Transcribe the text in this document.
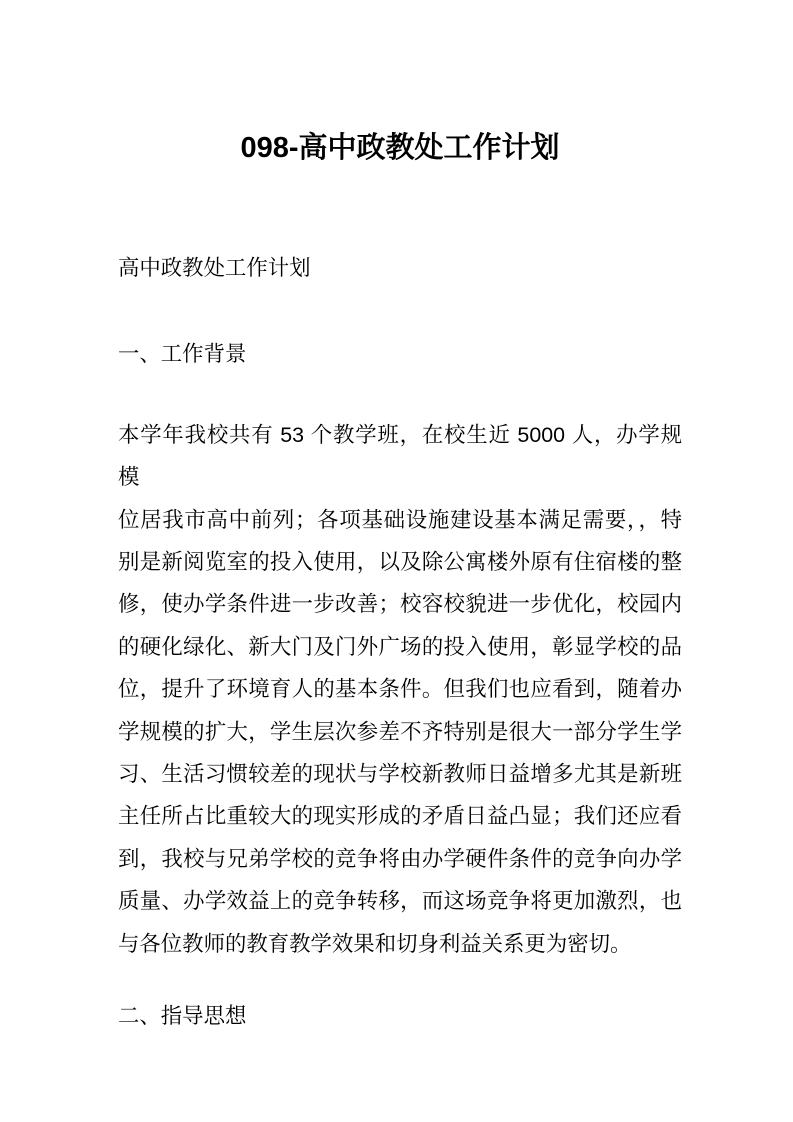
098-高中政教处工作计划

高中政教处工作计划

一、工作背景

本学年我校共有 53 个教学班，在校生近 5000 人，办学规模
位居我市高中前列；各项基础设施建设基本满足需要，，特
别是新阅览室的投入使用，以及除公寓楼外原有住宿楼的整
修，使办学条件进一步改善；校容校貌进一步优化，校园内
的硬化绿化、新大门及门外广场的投入使用，彰显学校的品
位，提升了环境育人的基本条件。但我们也应看到，随着办
学规模的扩大，学生层次参差不齐特别是很大一部分学生学
习、生活习惯较差的现状与学校新教师日益增多尤其是新班
主任所占比重较大的现实形成的矛盾日益凸显；我们还应看
到，我校与兄弟学校的竞争将由办学硬件条件的竞争向办学
质量、办学效益上的竞争转移，而这场竞争将更加激烈，也
与各位教师的教育教学效果和切身利益关系更为密切。

二、指导思想
